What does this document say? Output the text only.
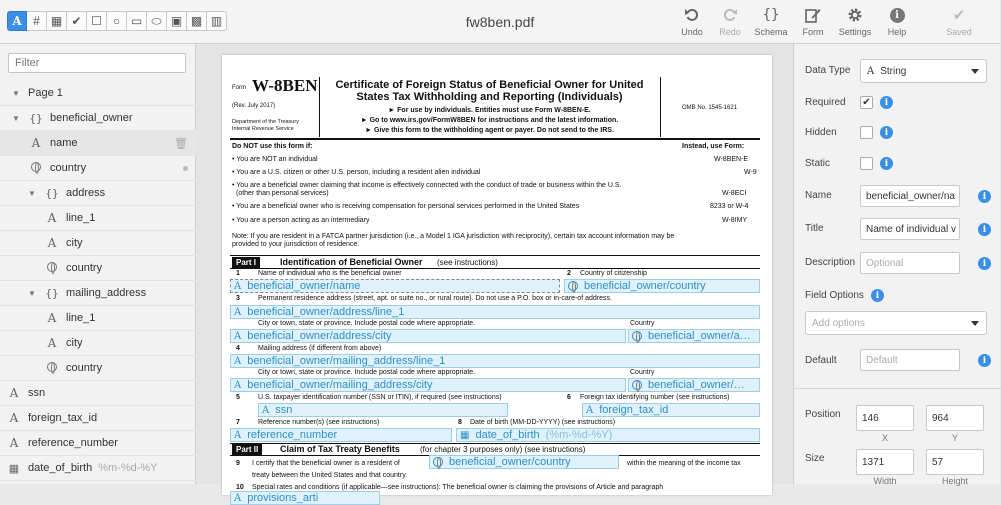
A # ▦ ✔ ☐ ○ ▭ ⬭ ▣ ▩ ▥	fw8ben.pdf
Undo	Redo
{}
Schema	Form	Settings
i
Help
✔
Saved
Filter
▼ Page 1
▼ {} beneficial_owner
A name	🗑
country
▼ {} address
A line_1
A city
country
▼ {} mailing_address
A line_1
A city
country
A ssn
A foreign_tax_id
A reference_number
▦ date_of_birth %m-%d-%Y
Form W-8BEN
(Rev. July 2017)
Department of the Treasury
Internal Revenue Service
Certificate of Foreign Status of Beneficial Owner for United
States Tax Withholding and Reporting (Individuals)
► For use by individuals. Entities must use Form W-8BEN-E.
► Go to www.irs.gov/FormW8BEN for instructions and the latest information.
► Give this form to the withholding agent or payer. Do not send to the IRS.
OMB No. 1545-1621
Do NOT use this form if:	Instead, use Form:
• You are NOT an individual	W-8BEN-E
• You are a U.S. citizen or other U.S. person, including a resident alien individual	W-9
• You are a beneficial owner claiming that income is effectively connected with the conduct of trade or business within the U.S.
(other than personal services)	W-8ECI
• You are a beneficial owner who is receiving compensation for personal services performed in the United States	8233 or W-4
• You are a person acting as an intermediary	W-8IMY
Note: If you are resident in a FATCA partner jurisdiction (i.e., a Model 1 IGA jurisdiction with reciprocity), certain tax account information may be
provided to your jurisdiction of residence.
Part I	Identification of Beneficial Owner (see instructions)
1	Name of individual who is the beneficial owner	2 Country of citizenship
A beneficial_owner/name	beneficial_owner/country
3	Permanent residence address (street, apt. or suite no., or rural route). Do not use a P.O. box or in-care-of address.
A beneficial_owner/address/line_1
City or town, state or province. Include postal code where appropriate.	Country
A beneficial_owner/address/city	beneficial_owner/a…
4	Mailing address (if different from above)
A beneficial_owner/mailing_address/line_1
City or town, state or province. Include postal code where appropriate.	Country
A beneficial_owner/mailing_address/city	beneficial_owner/…
5	U.S. taxpayer identification number (SSN or ITIN), if required (see instructions)	6 Foreign tax identifying number (see instructions)
A ssn	A foreign_tax_id
7	Reference number(s) (see instructions)	8 Date of birth (MM-DD-YYYY) (see instructions)
A reference_number	▦ date_of_birth (%m-%d-%Y)
Part II	Claim of Tax Treaty Benefits	(for chapter 3 purposes only) (see instructions)
9 I certify that the beneficial owner is a resident of	beneficial_owner/country	within the meaning of the income tax
treaty between the United States and that country.
10 Special rates and conditions (if applicable—see instructions): The beneficial owner is claiming the provisions of Article and paragraph
A provisions_arti
Data Type A String
Required ✔	i
Hidden	i
Static	i
Name	beneficial_owner/na	i
Title	Name of individual v	i
Description	Optional	i
Field Options	i
Add options
Default	Default	i
Position	146	964
X	Y
Size	1371	57
Width	Height
